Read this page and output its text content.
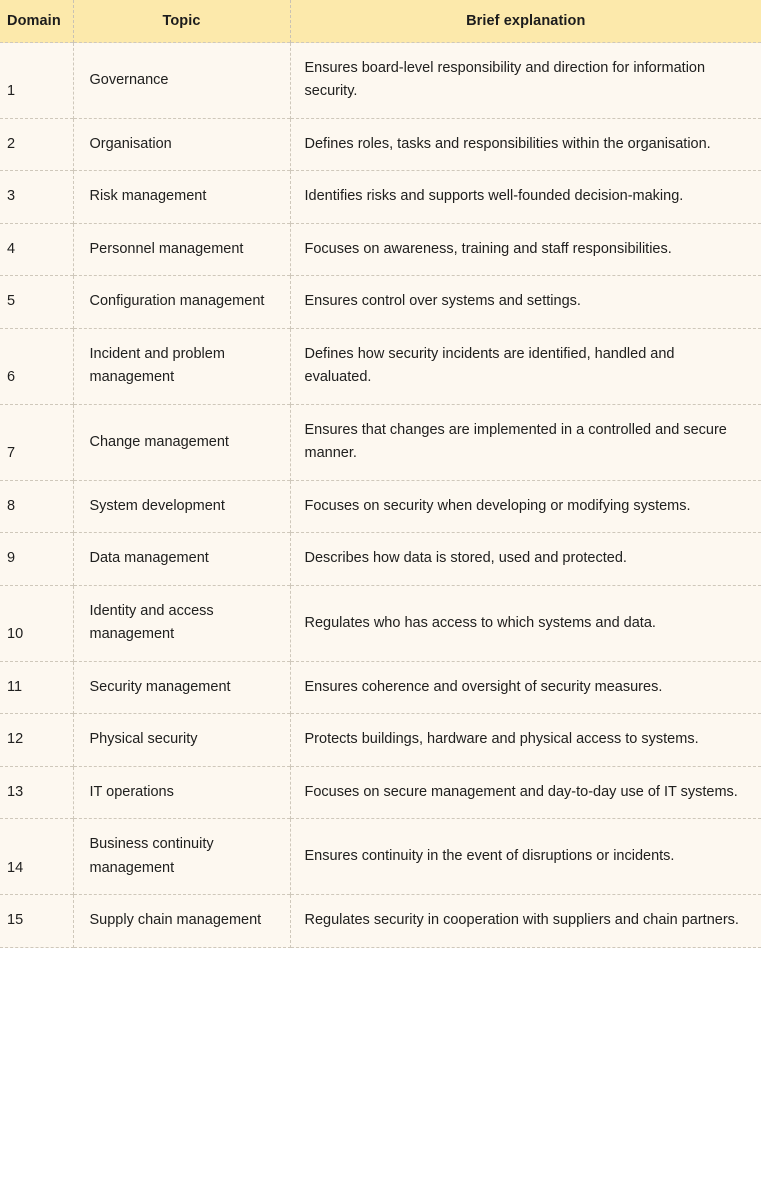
Domain	Topic	Brief explanation
1	Governance	Ensures board-level responsibility and direction for information security.
2	Organisation	Defines roles, tasks and responsibilities within the organisation.
3	Risk management	Identifies risks and supports well-founded decision-making.
4	Personnel management	Focuses on awareness, training and staff responsibilities.
5	Configuration management	Ensures control over systems and settings.
6	Incident and problem management	Defines how security incidents are identified, handled and evaluated.
7	Change management	Ensures that changes are implemented in a controlled and secure manner.
8	System development	Focuses on security when developing or modifying systems.
9	Data management	Describes how data is stored, used and protected.
10	Identity and access management	Regulates who has access to which systems and data.
11	Security management	Ensures coherence and oversight of security measures.
12	Physical security	Protects buildings, hardware and physical access to systems.
13	IT operations	Focuses on secure management and day-to-day use of IT systems.
14	Business continuity management	Ensures continuity in the event of disruptions or incidents.
15	Supply chain management	Regulates security in cooperation with suppliers and chain partners.
